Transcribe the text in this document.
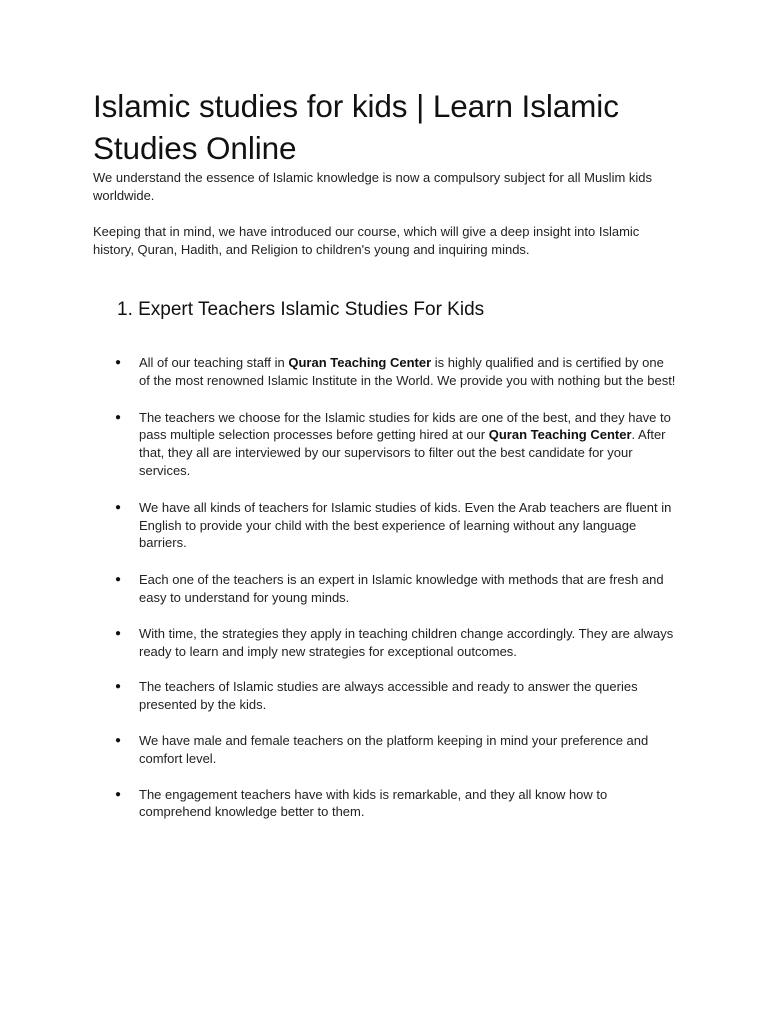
Islamic studies for kids | Learn Islamic Studies Online

We understand the essence of Islamic knowledge is now a compulsory subject for all Muslim kids worldwide.

Keeping that in mind, we have introduced our course, which will give a deep insight into Islamic history, Quran, Hadith, and Religion to children's young and inquiring minds.

1. Expert Teachers Islamic Studies For Kids
● All of our teaching staff in Quran Teaching Center is highly qualified and is certified by one of the most renowned Islamic Institute in the World. We provide you with nothing but the best!
● The teachers we choose for the Islamic studies for kids are one of the best, and they have to pass multiple selection processes before getting hired at our Quran Teaching Center. After that, they all are interviewed by our supervisors to filter out the best candidate for your services.
● We have all kinds of teachers for Islamic studies of kids. Even the Arab teachers are fluent in English to provide your child with the best experience of learning without any language barriers.
● Each one of the teachers is an expert in Islamic knowledge with methods that are fresh and easy to understand for young minds.
● With time, the strategies they apply in teaching children change accordingly. They are always ready to learn and imply new strategies for exceptional outcomes.
● The teachers of Islamic studies are always accessible and ready to answer the queries presented by the kids.
● We have male and female teachers on the platform keeping in mind your preference and comfort level.
● The engagement teachers have with kids is remarkable, and they all know how to comprehend knowledge better to them.
